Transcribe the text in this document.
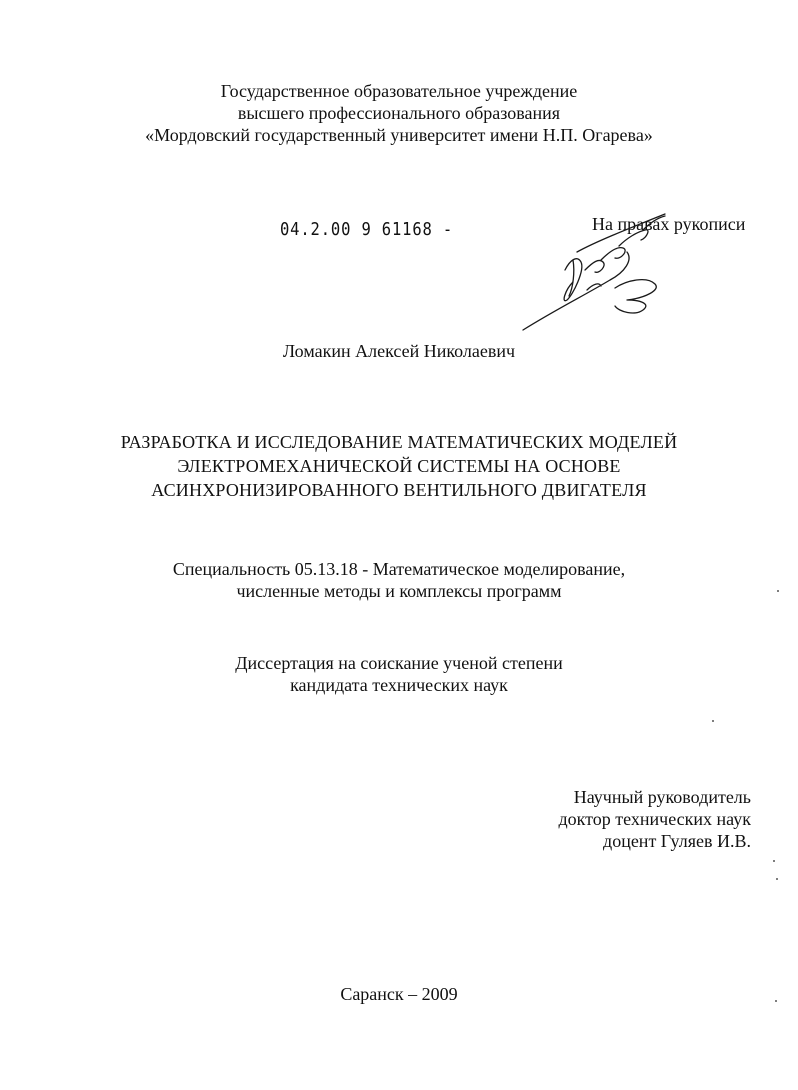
Государственное образовательное учреждение
высшего профессионального образования
«Мордовский государственный университет имени Н.П. Огарева»
04.2.00 9 61168 -	На правах рукописи
Ломакин Алексей Николаевич
РАЗРАБОТКА И ИССЛЕДОВАНИЕ МАТЕМАТИЧЕСКИХ МОДЕЛЕЙ
ЭЛЕКТРОМЕХАНИЧЕСКОЙ СИСТЕМЫ НА ОСНОВЕ
АСИНХРОНИЗИРОВАННОГО ВЕНТИЛЬНОГО ДВИГАТЕЛЯ
Специальность 05.13.18 - Математическое моделирование,
численные методы и комплексы программ
Диссертация на соискание ученой степени
кандидата технических наук
Научный руководитель
доктор технических наук
доцент Гуляев И.В.
Саранск – 2009
